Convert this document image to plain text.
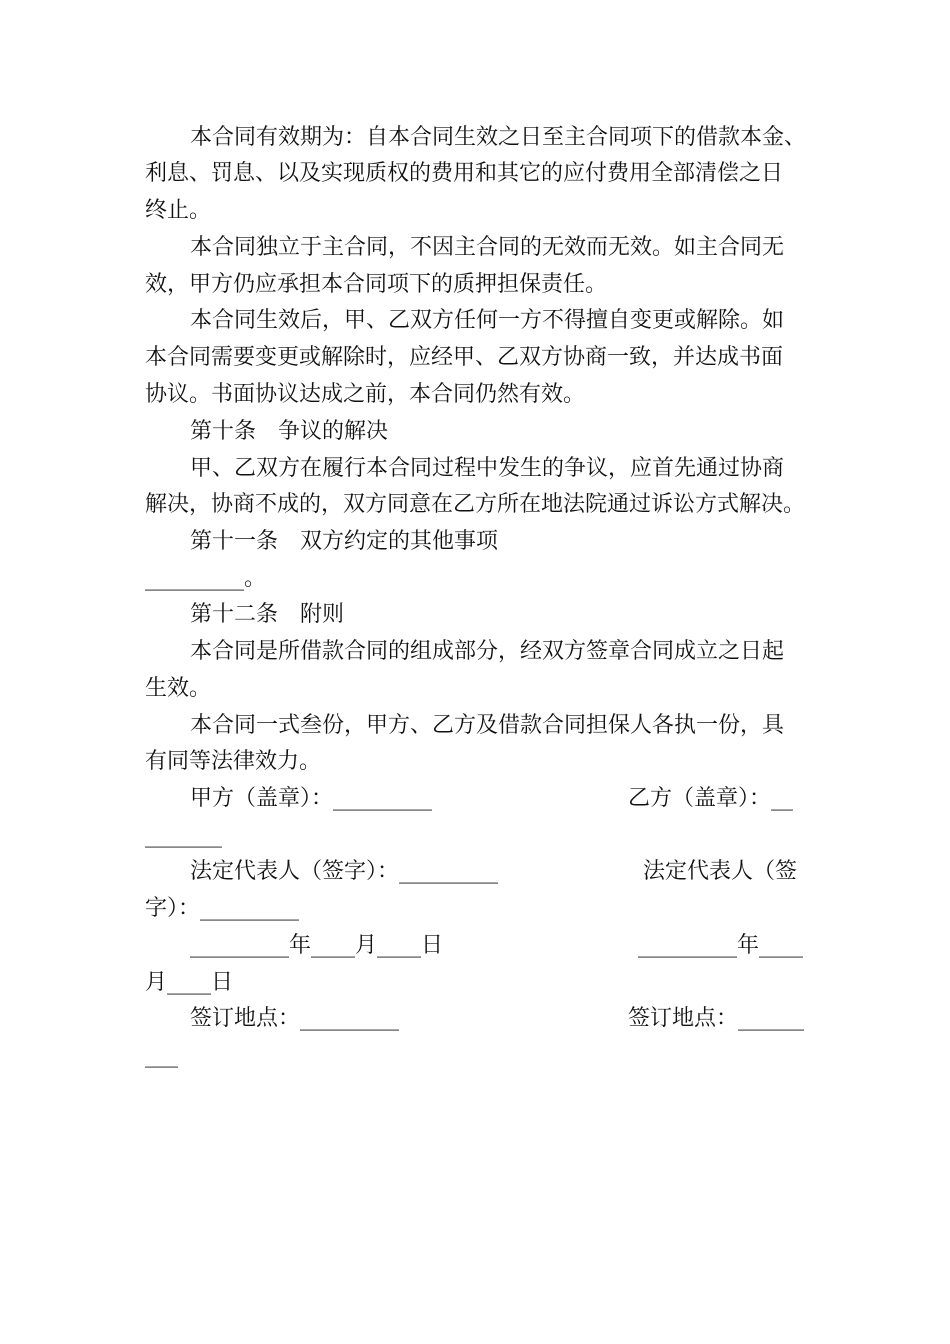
本合同有效期为：自本合同生效之日至主合同项下的借款本金、

利息、罚息、以及实现质权的费用和其它的应付费用全部清偿之日

终止。

本合同独立于主合同，不因主合同的无效而无效。如主合同无

效，甲方仍应承担本合同项下的质押担保责任。

本合同生效后，甲、乙双方任何一方不得擅自变更或解除。如

本合同需要变更或解除时，应经甲、乙双方协商一致，并达成书面

协议。书面协议达成之前，本合同仍然有效。

第十条　争议的解决

甲、乙双方在履行本合同过程中发生的争议，应首先通过协商

解决，协商不成的，双方同意在乙方所在地法院通过诉讼方式解决。

第十一条　双方约定的其他事项

_________。

第十二条　附则

本合同是所借款合同的组成部分，经双方签章合同成立之日起

生效。

本合同一式叁份，甲方、乙方及借款合同担保人各执一份，具

有同等法律效力。

甲方（盖章）：_________	乙方（盖章）：__

_______

法定代表人（签字）：_________	法定代表人（签

字）：_________

_________年____月____日	_________年____

月____日

签订地点：_________	签订地点：______

___
